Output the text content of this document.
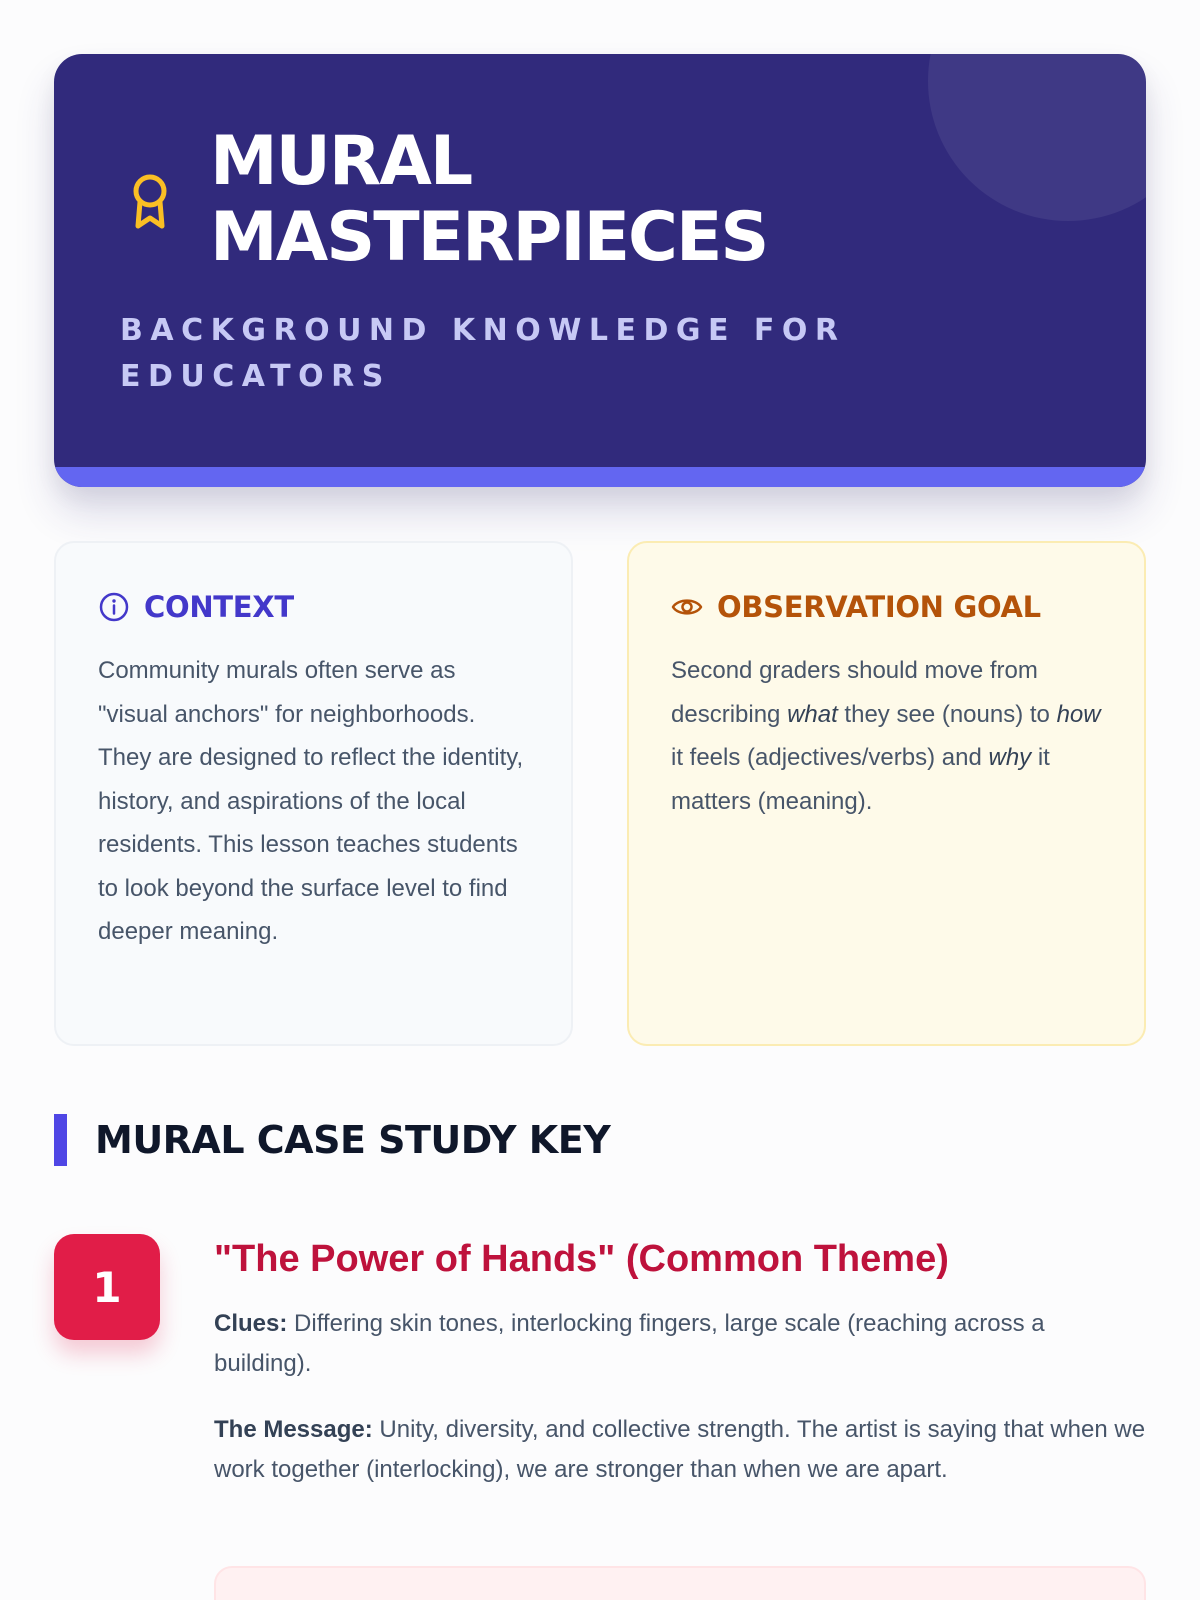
MURAL MASTERPIECES
BACKGROUND KNOWLEDGE FOR EDUCATORS
CONTEXT

Community murals often serve as "visual anchors" for neighborhoods. They are designed to reflect the identity, history, and aspirations of the local residents. This lesson teaches students to look beyond the surface level to find deeper meaning.

OBSERVATION GOAL

Second graders should move from describing what they see (nouns) to how it feels (adjectives/verbs) and why it matters (meaning).

MURAL CASE STUDY KEY
1
"The Power of Hands" (Common Theme)

Clues: Differing skin tones, interlocking fingers, large scale (reaching across a building).

The Message: Unity, diversity, and collective strength. The artist is saying that when we work together (interlocking), we are stronger than when we are apart.
